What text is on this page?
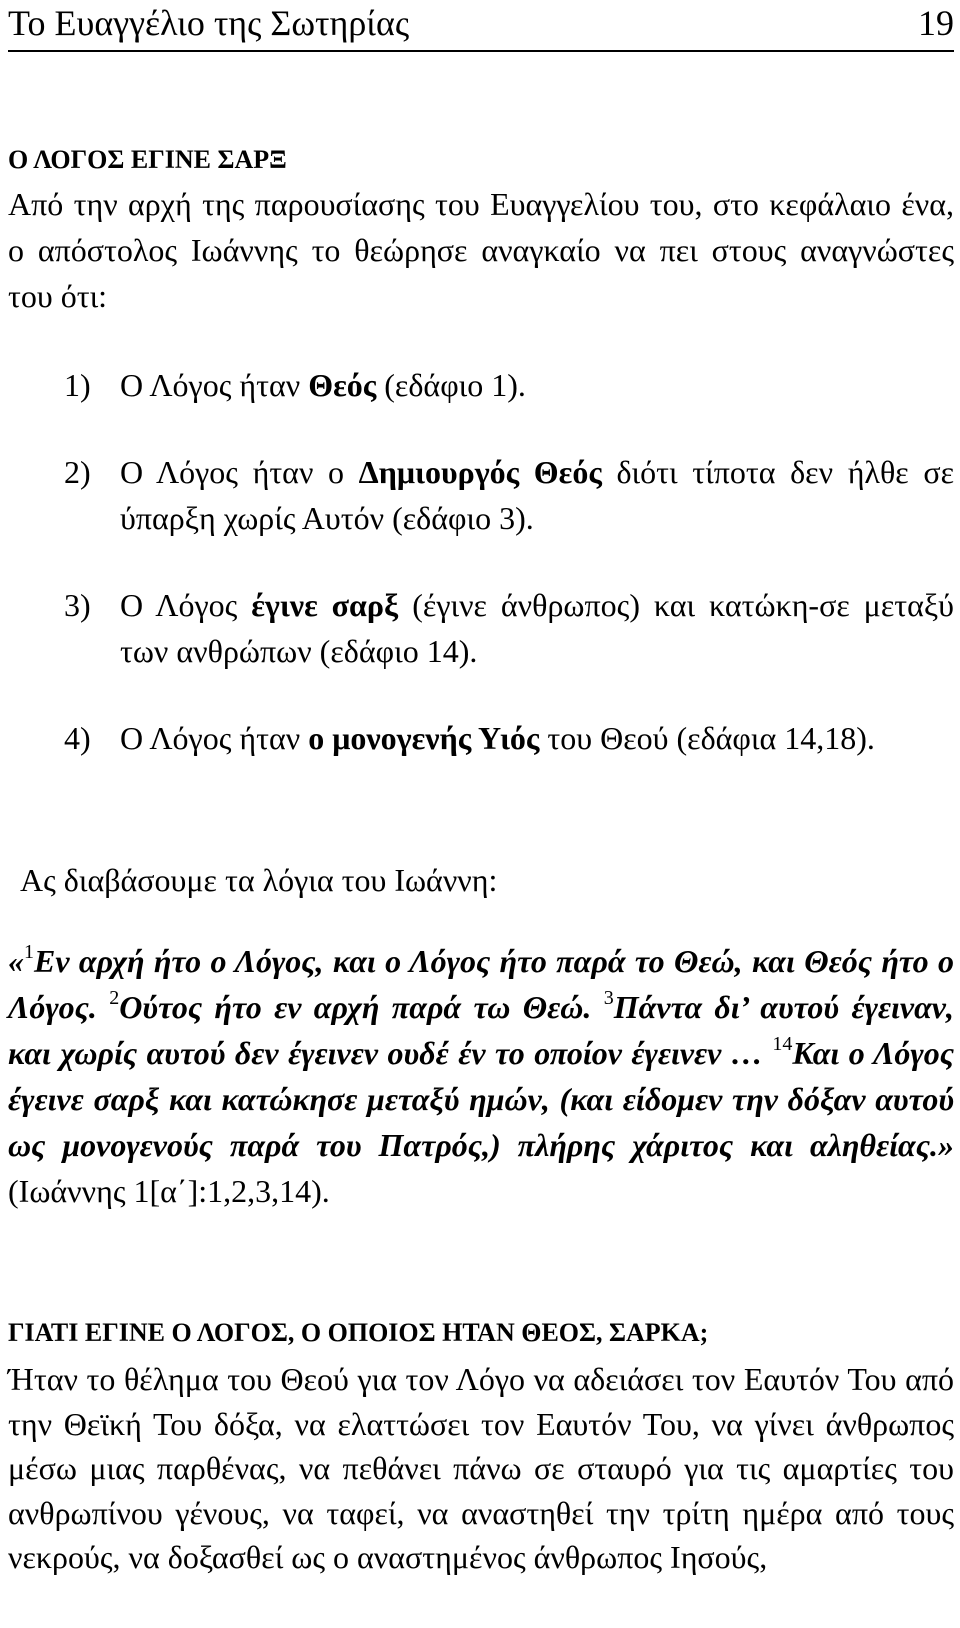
Το Ευαγγέλιο της Σωτηρίας	19
Ο ΛΟΓΟΣ ΕΓΙΝΕ ΣΑΡΞ
Από την αρχή της παρουσίασης του Ευαγγελίου του, στο κεφάλαιο ένα, ο απόστολος Ιωάννης το θεώρησε αναγκαίο να πει στους αναγνώστες του ότι:
1) Ο Λόγος ήταν Θεός (εδάφιο 1).
2) Ο Λόγος ήταν ο Δημιουργός Θεός διότι τίποτα δεν ήλθε σε ύπαρξη χωρίς Αυτόν (εδάφιο 3).
3) Ο Λόγος έγινε σαρξ (έγινε άνθρωπος) και κατώκη-σε μεταξύ των ανθρώπων (εδάφιο 14).
4) Ο Λόγος ήταν ο μονογενής Υιός του Θεού (εδάφια 14,18).
Ας διαβάσουμε τα λόγια του Ιωάννη:
«$^1$Εν αρχή ήτο ο Λόγος, και ο Λόγος ήτο παρά το Θεώ, και Θεός ήτο ο Λόγος. $^2$Ούτος ήτο εν αρχή παρά τω Θεώ. $^3$Πάντα δι’ αυτού έγειναν, και χωρίς αυτού δεν έγεινεν ουδέ έν το οποίον έγεινεν … $^{14}$Και ο Λόγος έγεινε σαρξ και κατώκησε μεταξύ ημών, (και είδομεν την δόξαν αυτού ως μονογενούς παρά του Πατρός,) πλήρης χάριτος και αληθείας.» (Ιωάννης 1[α΄]:1,2,3,14).
ΓΙΑΤΙ ΕΓΙΝΕ Ο ΛΟΓΟΣ, Ο ΟΠΟΙΟΣ ΗΤΑΝ ΘΕΟΣ, ΣΑΡΚΑ;
Ήταν το θέλημα του Θεού για τον Λόγο να αδειάσει τον Εαυτόν Του από την Θεϊκή Του δόξα, να ελαττώσει τον Εαυτόν Του, να γίνει άνθρωπος μέσω μιας παρθένας, να πεθάνει πάνω σε σταυρό για τις αμαρτίες του ανθρωπίνου γένους, να ταφεί, να αναστηθεί την τρίτη ημέρα από τους νεκρούς, να δοξασθεί ως ο αναστημένος άνθρωπος Ιησούς,
